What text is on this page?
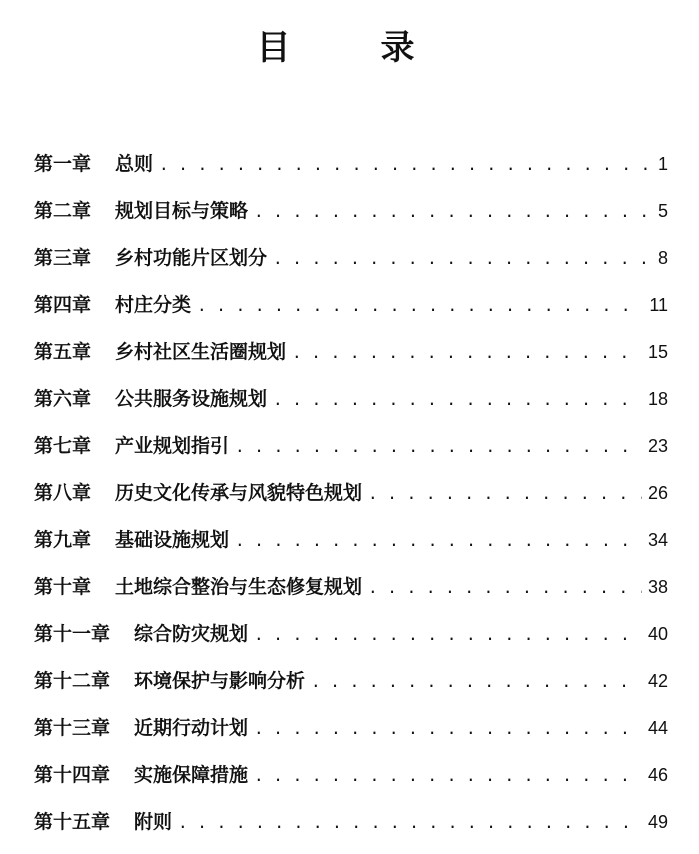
目　录
第一章 总则 . . .	1
第二章 规划目标与策略 . . .	5
第三章 乡村功能片区划分 . . .	8
第四章 村庄分类 . . .	11
第五章 乡村社区生活圈规划 . . .	15
第六章 公共服务设施规划 . . .	18
第七章 产业规划指引 . . .	23
第八章 历史文化传承与风貌特色规划 . . .	26
第九章 基础设施规划 . . .	34
第十章 土地综合整治与生态修复规划 . . .	38
第十一章 综合防灾规划 . . .	40
第十二章 环境保护与影响分析 . . .	42
第十三章 近期行动计划 . . .	44
第十四章 实施保障措施 . . .	46
第十五章 附则 . . .	49
